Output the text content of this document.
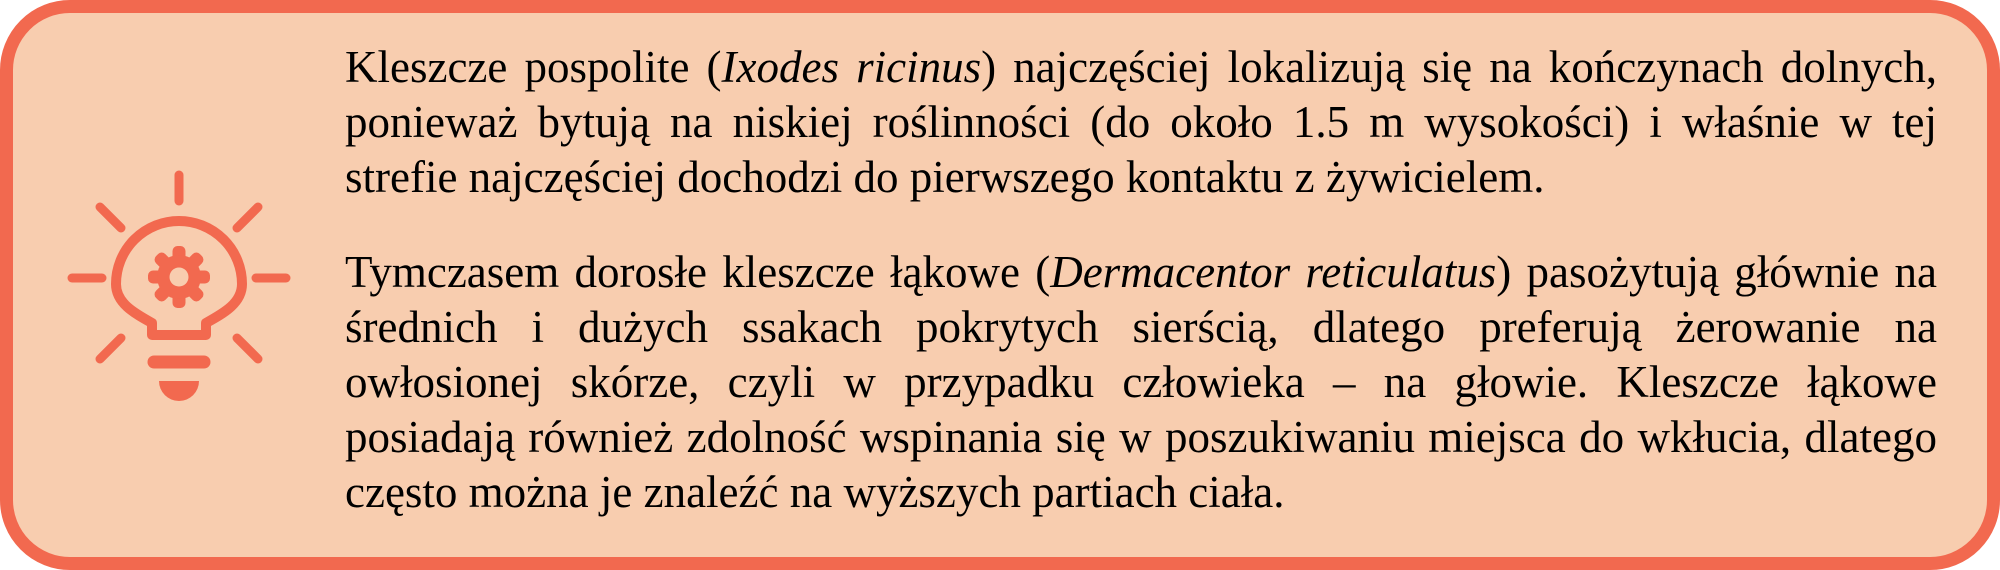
Kleszcze pospolite (Ixodes ricinus) najczęściej lokalizują się na kończynach dolnych, ponieważ bytują na niskiej roślinności (do około 1.5 m wysokości) i właśnie w tej strefie najczęściej dochodzi do pierwszego kontaktu z żywicielem.

Tymczasem dorosłe kleszcze łąkowe (Dermacentor reticulatus) pasożytują głównie na średnich i dużych ssakach pokrytych sierścią, dlatego preferują żerowanie na owłosionej skórze, czyli w przypadku człowieka – na głowie. Kleszcze łąkowe posiadają również zdolność wspinania się w poszukiwaniu miejsca do wkłucia, dlatego często można je znaleźć na wyższych partiach ciała.
